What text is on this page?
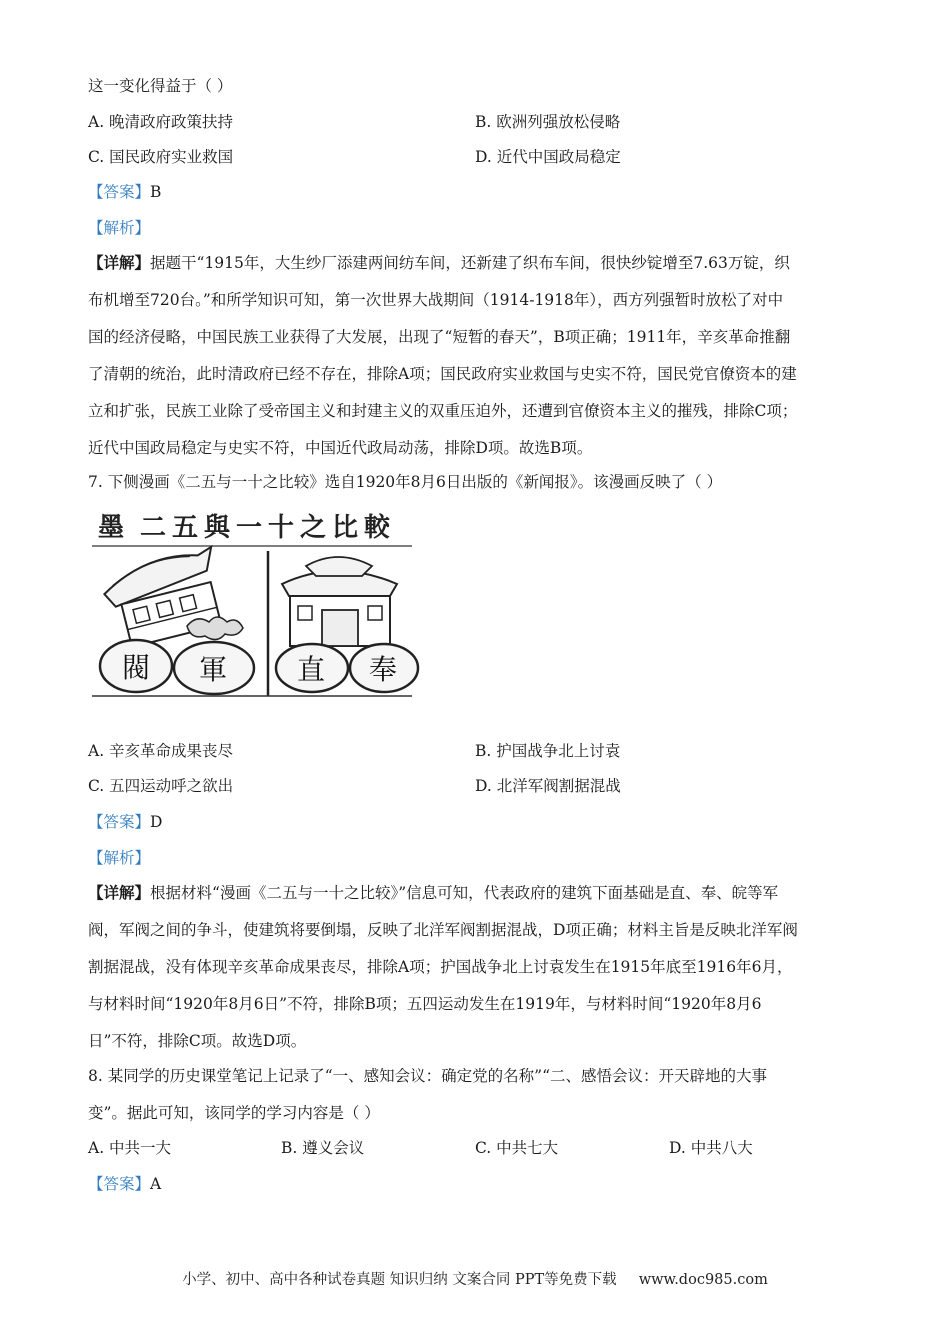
这一变化得益于（ ）
A. 晚清政府政策扶持	B. 欧洲列强放松侵略
C. 国民政府实业救国	D. 近代中国政局稳定
【答案】B
【解析】
【详解】据题干“1915年，大生纱厂添建两间纺车间，还新建了织布车间，很快纱锭增至7.63万锭，织
布机增至720台。”和所学知识可知，第一次世界大战期间（1914-1918年），西方列强暂时放松了对中
国的经济侵略，中国民族工业获得了大发展，出现了“短暂的春天”，B项正确；1911年，辛亥革命推翻
了清朝的统治，此时清政府已经不存在，排除A项；国民政府实业救国与史实不符，国民党官僚资本的建
立和扩张，民族工业除了受帝国主义和封建主义的双重压迫外，还遭到官僚资本主义的摧残，排除C项；
近代中国政局稳定与史实不符，中国近代政局动荡，排除D项。故选B项。
7. 下侧漫画《二五与一十之比较》选自1920年8月6日出版的《新闻报》。该漫画反映了（ ）
墨 二五與一十之比較
閥 軍 直 奉
A. 辛亥革命成果丧尽	B. 护国战争北上讨袁
C. 五四运动呼之欲出	D. 北洋军阀割据混战
【答案】D
【解析】
【详解】根据材料“漫画《二五与一十之比较》”信息可知，代表政府的建筑下面基础是直、奉、皖等军
阀，军阀之间的争斗，使建筑将要倒塌，反映了北洋军阀割据混战，D项正确；材料主旨是反映北洋军阀
割据混战，没有体现辛亥革命成果丧尽，排除A项；护国战争北上讨袁发生在1915年底至1916年6月，
与材料时间“1920年8月6日”不符，排除B项；五四运动发生在1919年，与材料时间“1920年8月6
日”不符，排除C项。故选D项。
8. 某同学的历史课堂笔记上记录了“一、感知会议：确定党的名称”“二、感悟会议：开天辟地的大事
变”。据此可知，该同学的学习内容是（ ）
A. 中共一大	B. 遵义会议	C. 中共七大	D. 中共八大
【答案】A
小学、初中、高中各种试卷真题 知识归纳 文案合同 PPT等免费下载 www.doc985.com
